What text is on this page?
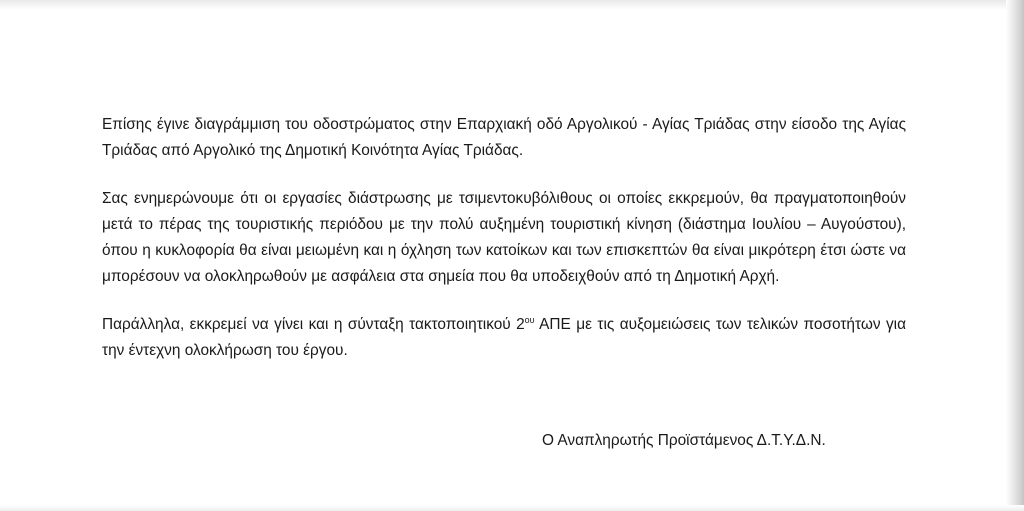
Επίσης έγινε διαγράμμιση του οδοστρώματος στην Επαρχιακή οδό Αργολικού - Αγίας Τριάδας στην είσοδο της Αγίας Τριάδας από Αργολικό της Δημοτική Κοινότητα Αγίας Τριάδας.

Σας ενημερώνουμε ότι οι εργασίες διάστρωσης με τσιμεντοκυβόλιθους οι οποίες εκκρεμούν, θα πραγματοποιηθούν μετά το πέρας της τουριστικής περιόδου με την πολύ αυξημένη τουριστική κίνηση (διάστημα Ιουλίου – Αυγούστου), όπου η κυκλοφορία θα είναι μειωμένη και η όχληση των κατοίκων και των επισκεπτών θα είναι μικρότερη έτσι ώστε να μπορέσουν να ολοκληρωθούν με ασφάλεια στα σημεία που θα υποδειχθούν από τη Δημοτική Αρχή.

Παράλληλα, εκκρεμεί να γίνει και η σύνταξη τακτοποιητικού $2^{o\upsilon}$ ΑΠΕ με τις αυξομειώσεις των τελικών ποσοτήτων για την έντεχνη ολοκλήρωση του έργου.

Ο Αναπληρωτής Προϊστάμενος Δ.Τ.Υ.Δ.Ν.
